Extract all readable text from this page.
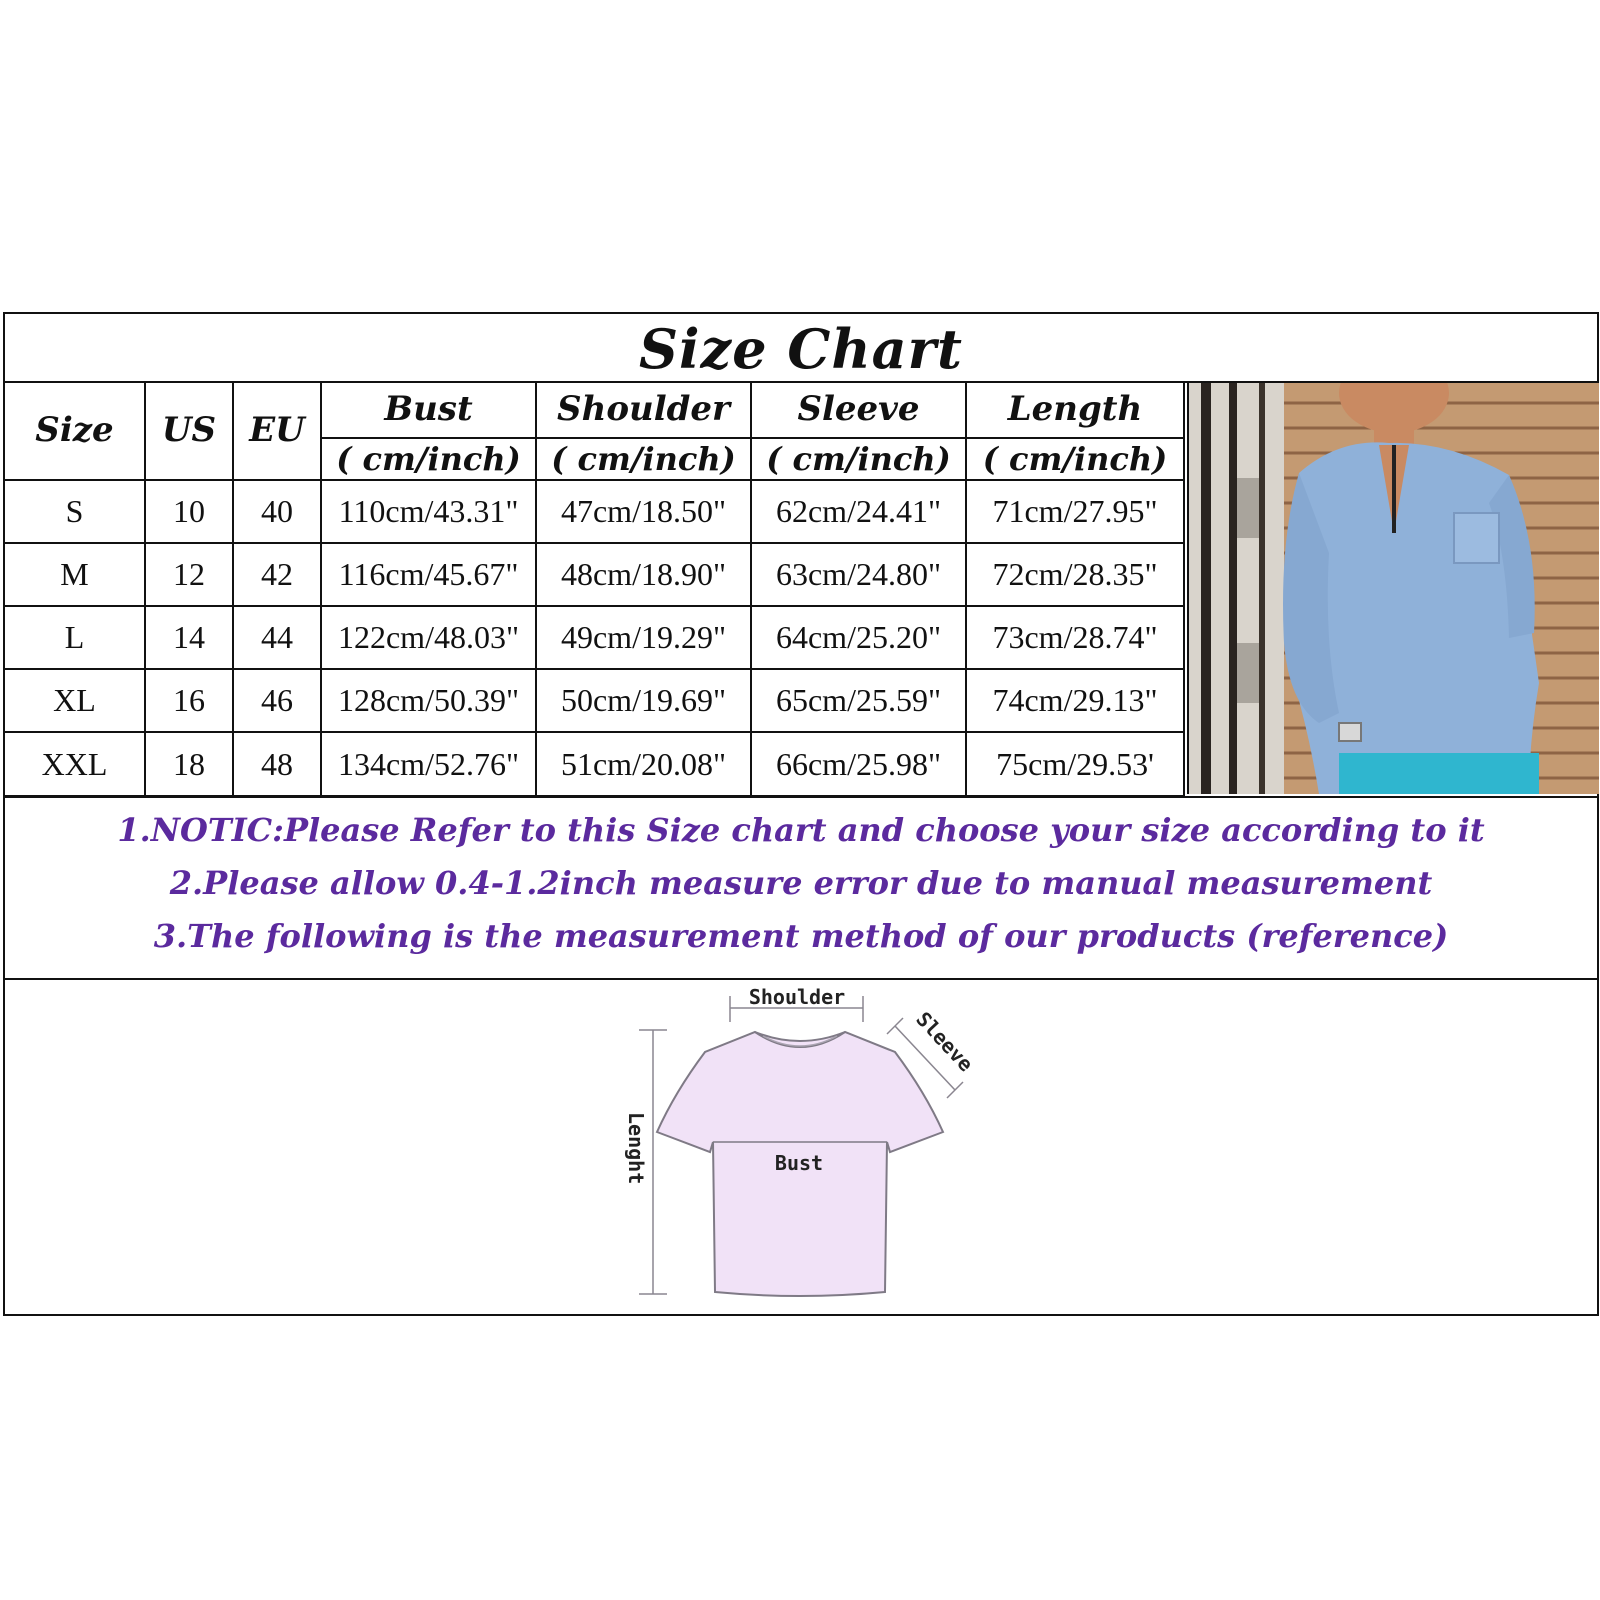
Size Chart
Size	US	EU	Bust	Shoulder	Sleeve	Length
			( cm/inch)	( cm/inch)	( cm/inch)	( cm/inch)
S	10	40	110cm/43.31"	47cm/18.50"	62cm/24.41"	71cm/27.95"
M	12	42	116cm/45.67"	48cm/18.90"	63cm/24.80"	72cm/28.35"
L	14	44	122cm/48.03"	49cm/19.29"	64cm/25.20"	73cm/28.74"
XL	16	46	128cm/50.39"	50cm/19.69"	65cm/25.59"	74cm/29.13"
XXL	18	48	134cm/52.76"	51cm/20.08"	66cm/25.98"	75cm/29.53'
1.NOTIC:Please Refer to this Size chart and choose your size according to it
2.Please allow 0.4-1.2inch measure error due to manual measurement
3.The following is the measurement method of our products (reference)
Shoulder
Sleeve
Lenght	Bust
